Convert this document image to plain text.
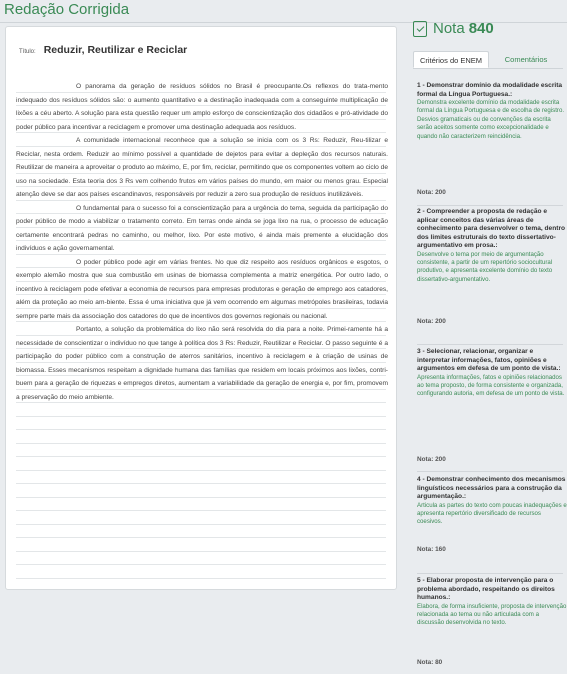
Redação Corrigida
Título: Reduzir, Reutilizar e Reciclar

O panorama da geração de resíduos sólidos no Brasil é preocupante.Os reflexos do trata-mento indequado dos resíduos sólidos são: o aumento quantitativo e a destinação inadequada com a conseguinte multiplicação de lixões a céu aberto. A solução para esta questão requer um amplo esforço de conscientização dos cidadãos e pró-atividade do poder público para incentivar a reciclagem e promover uma destinação adequada aos resíduos.

A comunidade internacional reconhece que a solução se inicia com os 3 Rs: Reduzir, Reu-tilizar e Reciclar, nesta ordem. Reduzir ao mínimo possível a quantidade de dejetos para evitar a depleção dos recursos naturais. Reutilizar de maneira a aproveitar o produto ao máximo, E, por fim, reciclar, permitindo que os componentes voltem ao ciclo de uso na sociedade. Esta teoria dos 3 Rs vem colhendo frutos em vários países do mundo, em maior ou menos grau. Especial atenção deve se dar aos países escandinavos, responsáveis por reduzir a zero sua produção de resíduos inutilizáveis.

O fundamental para o sucesso foi a conscientização para a urgência do tema, seguida da participação do poder público de modo a viabilizar o tratamento correto. Em terras onde ainda se joga lixo na rua, o processo de educação certamente encontrará pedras no caminho, ou melhor, lixo. Por este motivo, é ainda mais premente a elucidação dos indivíduos e ação governamental.

O poder público pode agir em várias frentes. No que diz respeito aos resíduos orgânicos e esgotos, o exemplo alemão mostra que sua combustão em usinas de biomassa complementa a matriz energética. Por outro lado, o incentivo à reciclagem pode efetivar a economia de recursos para empresas produtoras e geração de emprego aos catadores, além da proteção ao meio am-biente. Essa é uma iniciativa que já vem ocorrendo em algumas metrópoles brasileiras, todavia sempre parte mais da associação dos catadores do que de incentivos dos governos regionais ou nacional.

Portanto, a solução da problemática do lixo não será resolvida do dia para a noite. Primei-ramente há a necessidade de conscientizar o indivíduo no que tange à política dos 3 Rs: Reduzir, Reutilizar e Reciclar. O passo seguinte é a participação do poder público com a construção de aterros sanitários, incentivo à reciclagem e à criação de usinas de biomassa. Esses mecanismos respeitam a dignidade humana das famílias que residem em locais próximos aos lixões, contri-buem para a geração de riquezas e empregos diretos, aumentam a variabilidade da geração de energia e, por fim, promovem a preservação do meio ambiente.

Nota 840
Critérios do ENEM	Comentários
1 - Demonstrar domínio da modalidade escrita formal da Língua Portuguesa.:
Demonstra excelente domínio da modalidade escrita formal da Língua Portuguesa e de escolha de registro. Desvios gramaticais ou de convenções da escrita serão aceitos somente como excepcionalidade e quando não caracterizem reincidência.
Nota: 200
2 - Compreender a proposta de redação e aplicar conceitos das várias áreas de conhecimento para desenvolver o tema, dentro dos limites estruturais do texto dissertativo-argumentativo em prosa.:
Desenvolve o tema por meio de argumentação consistente, a partir de um repertório sociocultural produtivo, e apresenta excelente domínio do texto dissertativo-argumentativo.
Nota: 200
3 - Selecionar, relacionar, organizar e interpretar informações, fatos, opiniões e argumentos em defesa de um ponto de vista.:
Apresenta informações, fatos e opiniões relacionados ao tema proposto, de forma consistente e organizada, configurando autoria, em defesa de um ponto de vista.
Nota: 200
4 - Demonstrar conhecimento dos mecanismos linguísticos necessários para a construção da argumentação.:
Articula as partes do texto com poucas inadequações e apresenta repertório diversificado de recursos coesivos.
Nota: 160
5 - Elaborar proposta de intervenção para o problema abordado, respeitando os direitos humanos.:
Elabora, de forma insuficiente, proposta de intervenção relacionada ao tema ou não articulada com a discussão desenvolvida no texto.
Nota: 80
